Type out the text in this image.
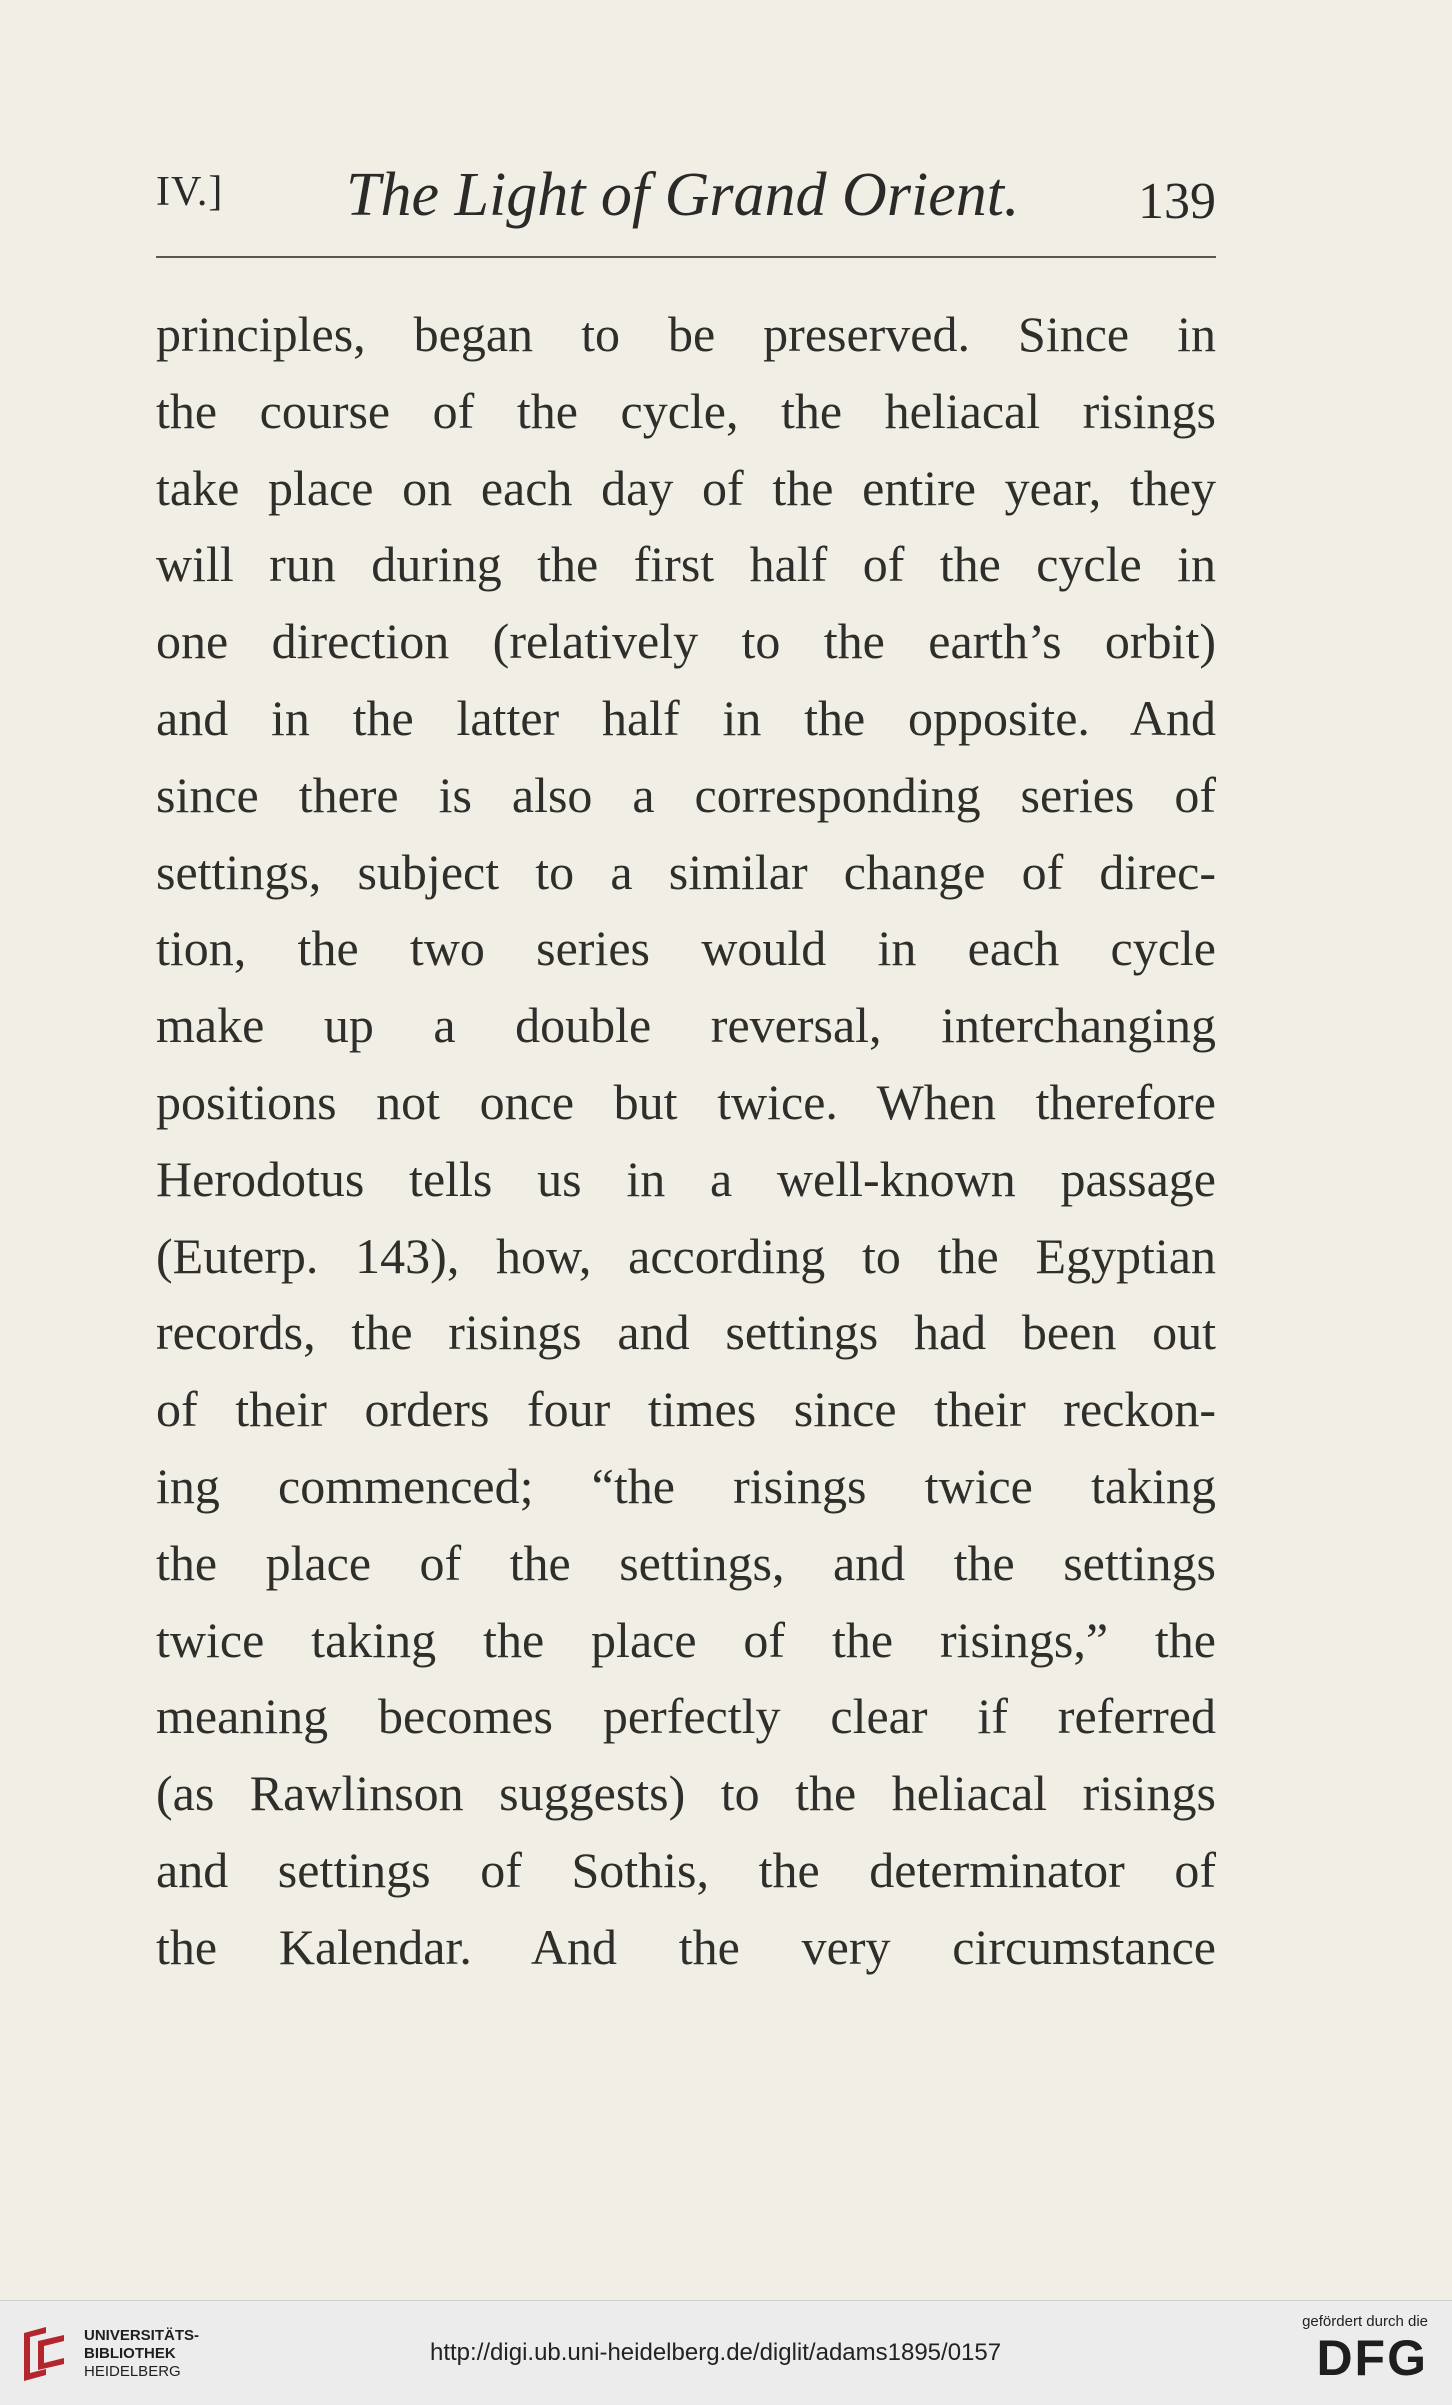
IV.] The Light of Grand Orient. 139
principles, began to be preserved. Since in
the course of the cycle, the heliacal risings
take place on each day of the entire year, they
will run during the first half of the cycle in
one direction (relatively to the earth’s orbit)
and in the latter half in the opposite. And
since there is also a corresponding series of
settings, subject to a similar change of direc-
tion, the two series would in each cycle
make up a double reversal, interchanging
positions not once but twice. When therefore
Herodotus tells us in a well-known passage
(Euterp. 143), how, according to the Egyptian
records, the risings and settings had been out
of their orders four times since their reckon-
ing commenced; “the risings twice taking
the place of the settings, and the settings
twice taking the place of the risings,” the
meaning becomes perfectly clear if referred
(as Rawlinson suggests) to the heliacal risings
and settings of Sothis, the determinator of
the Kalendar. And the very circumstance
UNIVERSITÄTS-
BIBLIOTHEK
HEIDELBERG
http://digi.ub.uni-heidelberg.de/diglit/adams1895/0157
gefördert durch die
DFG
